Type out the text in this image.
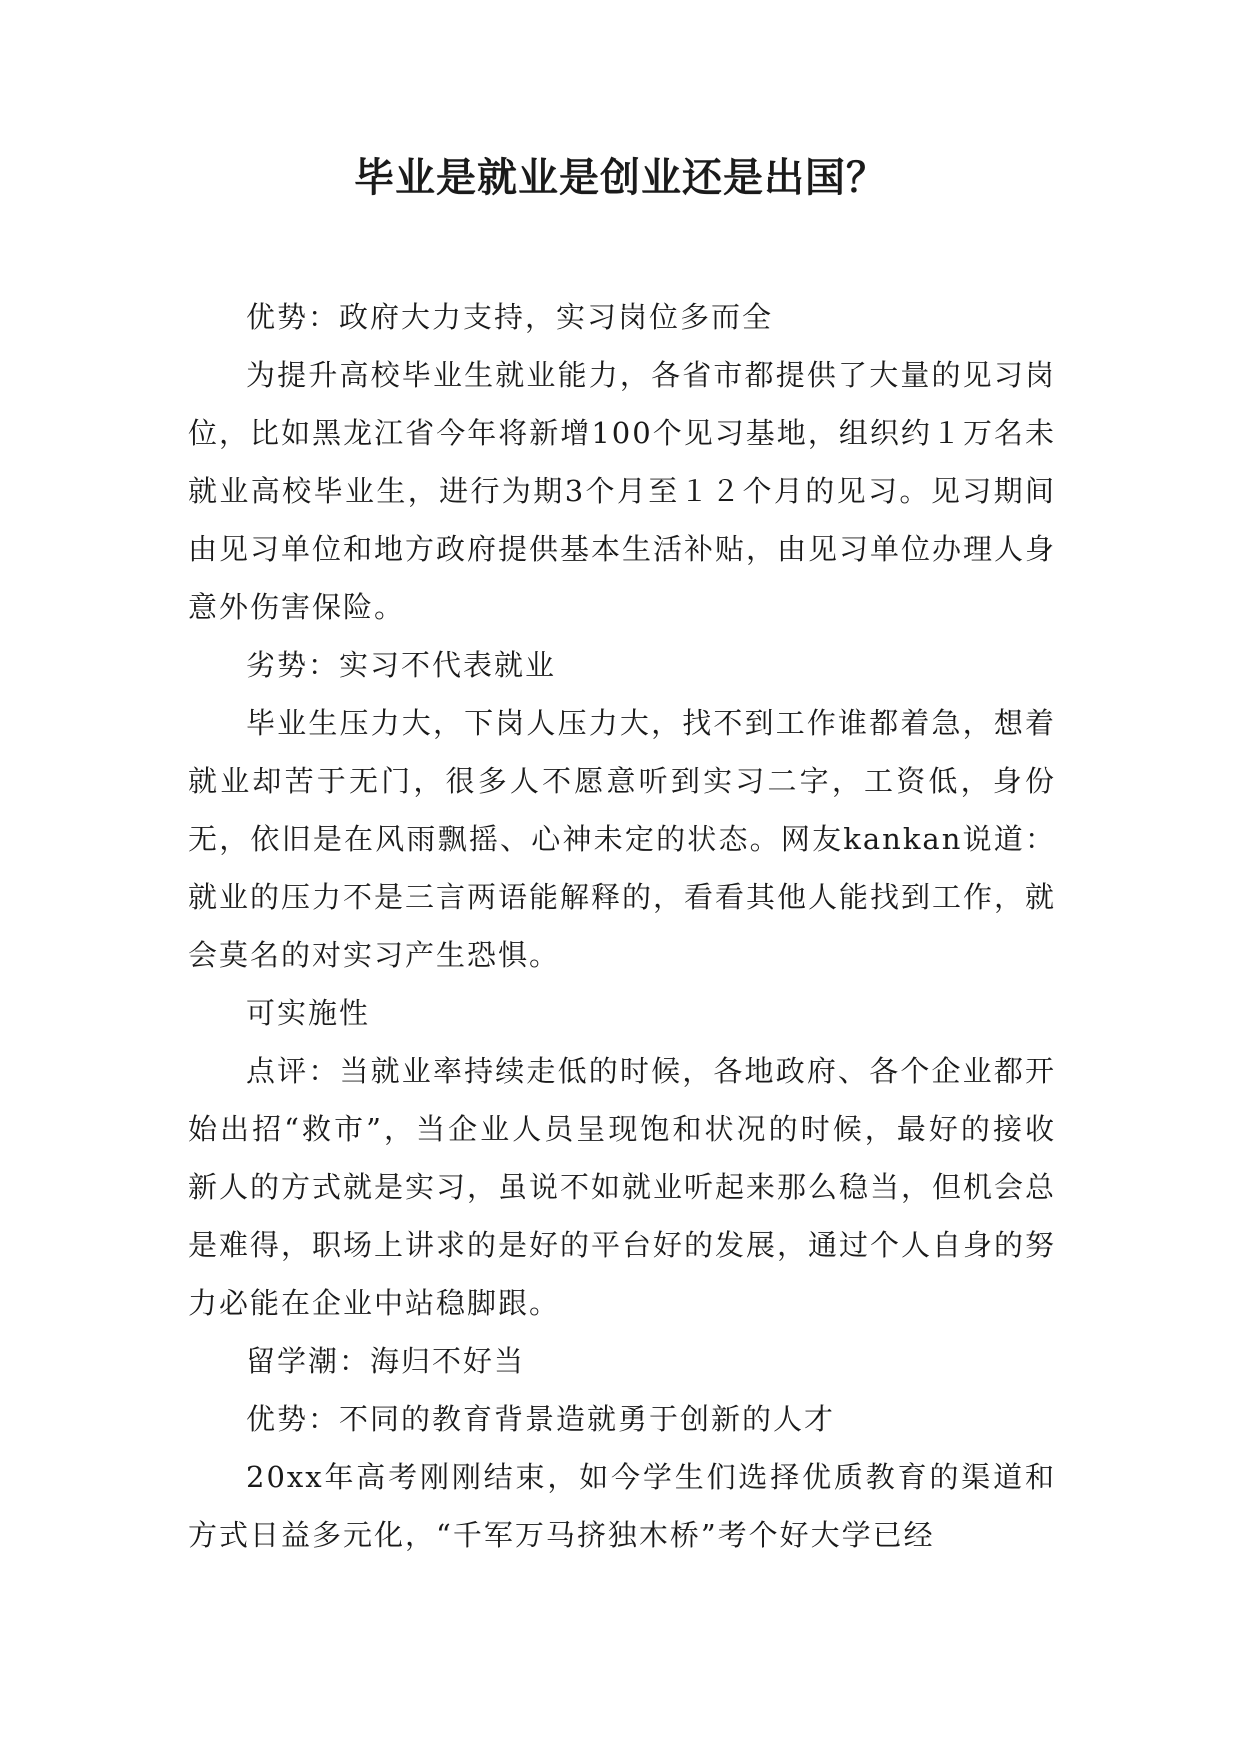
毕业是就业是创业还是出国？

优势：政府大力支持，实习岗位多而全

为提升高校毕业生就业能力，各省市都提供了大量的见习岗位，比如黑龙江省今年将新增100个见习基地，组织约１万名未就业高校毕业生，进行为期3个月至１２个月的见习。见习期间由见习单位和地方政府提供基本生活补贴，由见习单位办理人身意外伤害保险。

劣势：实习不代表就业

毕业生压力大，下岗人压力大，找不到工作谁都着急，想着就业却苦于无门，很多人不愿意听到实习二字，工资低，身份无，依旧是在风雨飘摇、心神未定的状态。网友kankan说道：就业的压力不是三言两语能解释的，看看其他人能找到工作，就会莫名的对实习产生恐惧。

可实施性

点评：当就业率持续走低的时候，各地政府、各个企业都开始出招“救市”，当企业人员呈现饱和状况的时候，最好的接收新人的方式就是实习，虽说不如就业听起来那么稳当，但机会总是难得，职场上讲求的是好的平台好的发展，通过个人自身的努力必能在企业中站稳脚跟。

留学潮：海归不好当

优势：不同的教育背景造就勇于创新的人才

20xx年高考刚刚结束，如今学生们选择优质教育的渠道和方式日益多元化，“千军万马挤独木桥”考个好大学已经
